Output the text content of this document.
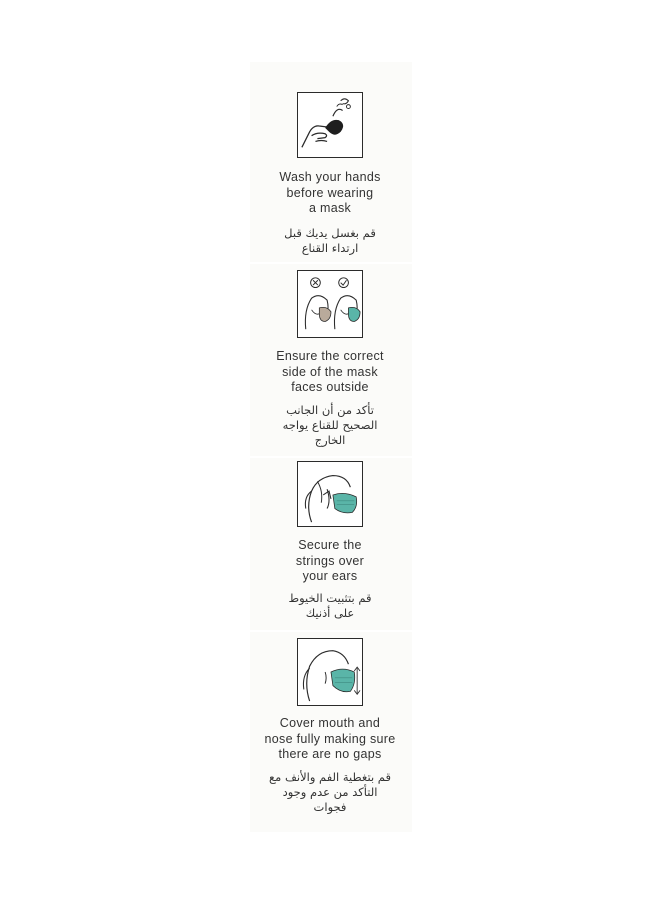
Wash your hands
before wearing
a mask
قم بغسل يديك قبل
ارتداء القناع
Ensure the correct
side of the mask
faces outside
تأكد من أن الجانب
الصحيح للقناع يواجه
الخارج
Secure the
strings over
your ears
قم بتثبيت الخيوط
على أذنيك
Cover mouth and
nose fully making sure
there are no gaps
قم بتغطية الفم والأنف مع
التأكد من عدم وجود
فجوات
